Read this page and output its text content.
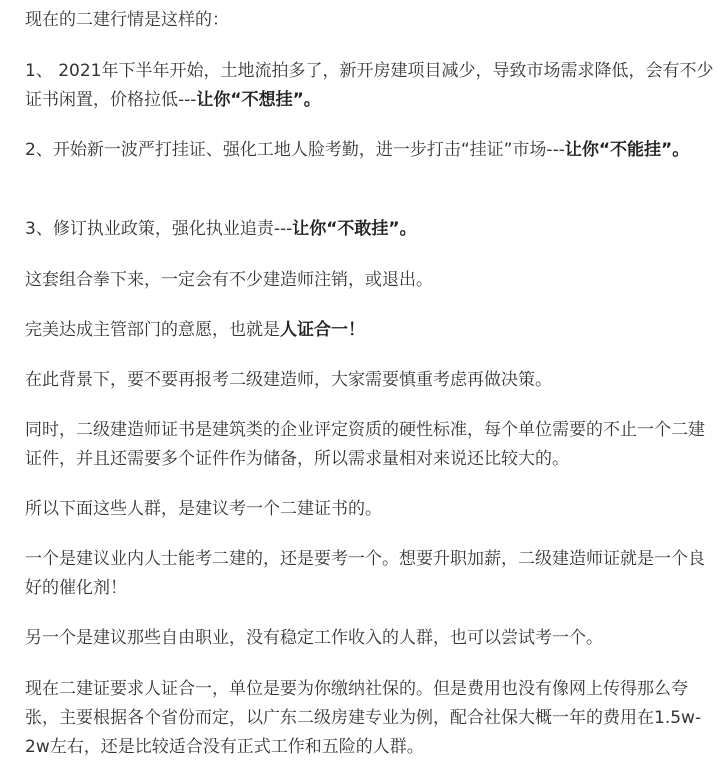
现在的二建行情是这样的：

1、 2021年下半年开始，土地流拍多了，新开房建项目减少，导致市场需求降低，会有不少证书闲置，价格拉低---让你“不想挂”。

2、开始新一波严打挂证、强化工地人脸考勤，进一步打击“挂证”市场---让你“不能挂”。

3、修订执业政策，强化执业追责---让你“不敢挂”。

这套组合拳下来，一定会有不少建造师注销，或退出。

完美达成主管部门的意愿，也就是人证合一！

在此背景下，要不要再报考二级建造师，大家需要慎重考虑再做决策。

同时，二级建造师证书是建筑类的企业评定资质的硬性标准，每个单位需要的不止一个二建证件，并且还需要多个证件作为储备，所以需求量相对来说还比较大的。

所以下面这些人群，是建议考一个二建证书的。

一个是建议业内人士能考二建的，还是要考一个。想要升职加薪，二级建造师证就是一个良好的催化剂！

另一个是建议那些自由职业，没有稳定工作收入的人群，也可以尝试考一个。

现在二建证要求人证合一，单位是要为你缴纳社保的。但是费用也没有像网上传得那么夸张，主要根据各个省份而定，以广东二级房建专业为例，配合社保大概一年的费用在1.5w-2w左右，还是比较适合没有正式工作和五险的人群。
